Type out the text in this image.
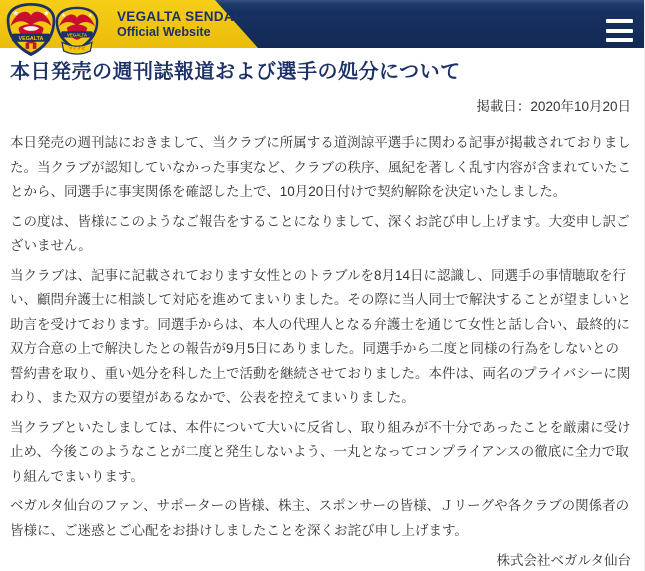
★	★
VEGALTA
★	★
VEGALTA
マイナビ
VEGALTA SENDAI
Official Website
本日発売の週刊誌報道および選手の処分について
掲載日：2020年10月20日

本日発売の週刊誌におきまして、当クラブに所属する道渕諒平選手に関わる記事が掲載されておりました。当クラブが認知していなかった事実など、クラブの秩序、風紀を著しく乱す内容が含まれていたことから、同選手に事実関係を確認した上で、10月20日付けで契約解除を決定いたしました。

この度は、皆様にこのようなご報告をすることになりまして、深くお詫び申し上げます。大変申し訳ございません。

当クラブは、記事に記載されております女性とのトラブルを8月14日に認識し、同選手の事情聴取を行い、顧問弁護士に相談して対応を進めてまいりました。その際に当人同士で解決することが望ましいと助言を受けております。同選手からは、本人の代理人となる弁護士を通じて女性と話し合い、最終的に双方合意の上で解決したとの報告が9月5日にありました。同選手から二度と同様の行為をしないとの誓約書を取り、重い処分を科した上で活動を継続させておりました。本件は、両名のプライバシーに関わり、また双方の要望があるなかで、公表を控えてまいりました。

当クラブといたしましては、本件について大いに反省し、取り組みが不十分であったことを厳粛に受け止め、今後このようなことが二度と発生しないよう、一丸となってコンプライアンスの徹底に全力で取り組んでまいります。

ベガルタ仙台のファン、サポーターの皆様、株主、スポンサーの皆様、Ｊリーグや各クラブの関係者の皆様に、ご迷惑とご心配をお掛けしましたことを深くお詫び申し上げます。

株式会社ベガルタ仙台
